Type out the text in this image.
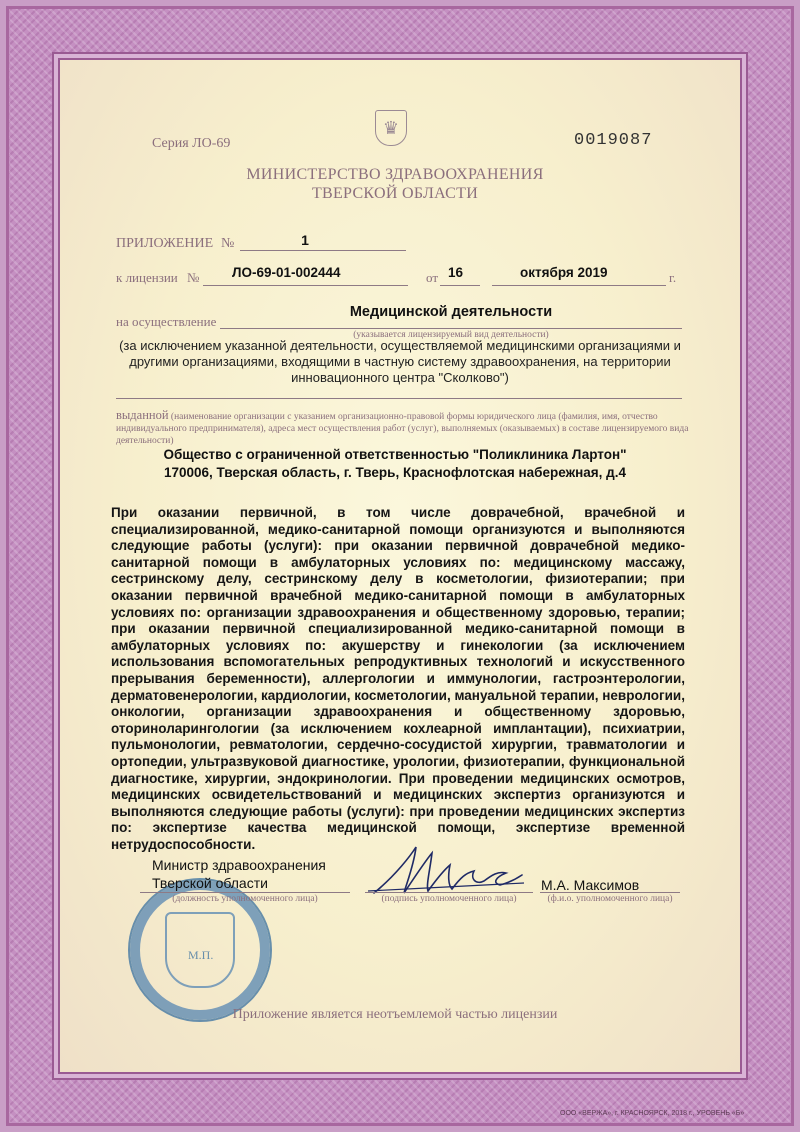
Серия ЛО-69
♛
0019087
МИНИСТЕРСТВО ЗДРАВООХРАНЕНИЯ
ТВЕРСКОЙ ОБЛАСТИ
ПРИЛОЖЕНИЕ №	1
к лицензии № ЛО-69-01-002444	от 16	октября 2019	г.
на осуществление
Медицинской деятельности
(указывается лицензируемый вид деятельности)
(за исключением указанной деятельности, осуществляемой медицинскими организациями и другими организациями, входящими в частную систему здравоохранения, на территории инновационного центра "Сколково")
выданной (наименование организации с указанием организационно-правовой формы юридического лица (фамилия, имя, отчество индивидуального предпринимателя), адреса мест осуществления работ (услуг), выполняемых (оказываемых) в составе лицензируемого вида деятельности)
Общество с ограниченной ответственностью "Поликлиника Лартон"
170006, Тверская область, г. Тверь, Краснофлотская набережная, д.4
При оказании первичной, в том числе доврачебной, врачебной и специализированной, медико-санитарной помощи организуются и выполняются следующие работы (услуги): при оказании первичной доврачебной медико-санитарной помощи в амбулаторных условиях по: медицинскому массажу, сестринскому делу, сестринскому делу в косметологии, физиотерапии; при оказании первичной врачебной медико-санитарной помощи в амбулаторных условиях по: организации здравоохранения и общественному здоровью, терапии; при оказании первичной специализированной медико-санитарной помощи в амбулаторных условиях по: акушерству и гинекологии (за исключением использования вспомогательных репродуктивных технологий и искусственного прерывания беременности), аллергологии и иммунологии, гастроэнтерологии, дерматовенерологии, кардиологии, косметологии, мануальной терапии, неврологии, онкологии, организации здравоохранения и общественному здоровью, оториноларингологии (за исключением кохлеарной имплантации), психиатрии, пульмонологии, ревматологии, сердечно-сосудистой хирургии, травматологии и ортопедии, ультразвуковой диагностике, урологии, физиотерапии, функциональной диагностике, хирургии, эндокринологии. При проведении медицинских осмотров, медицинских освидетельствований и медицинских экспертиз организуются и выполняются следующие работы (услуги): при проведении медицинских экспертиз по: экспертизе качества медицинской помощи, экспертизе временной нетрудоспособности.
М.П.
Министр здравоохранения
Тверской области
(должность уполномоченного лица)	(подпись уполномоченного лица)
М.А. Максимов
(ф.и.о. уполномоченного лица)
Приложение является неотъемлемой частью лицензии
ООО «ВЕРЖА», г. КРАСНОЯРСК, 2018 г., УРОВЕНЬ «Б»
